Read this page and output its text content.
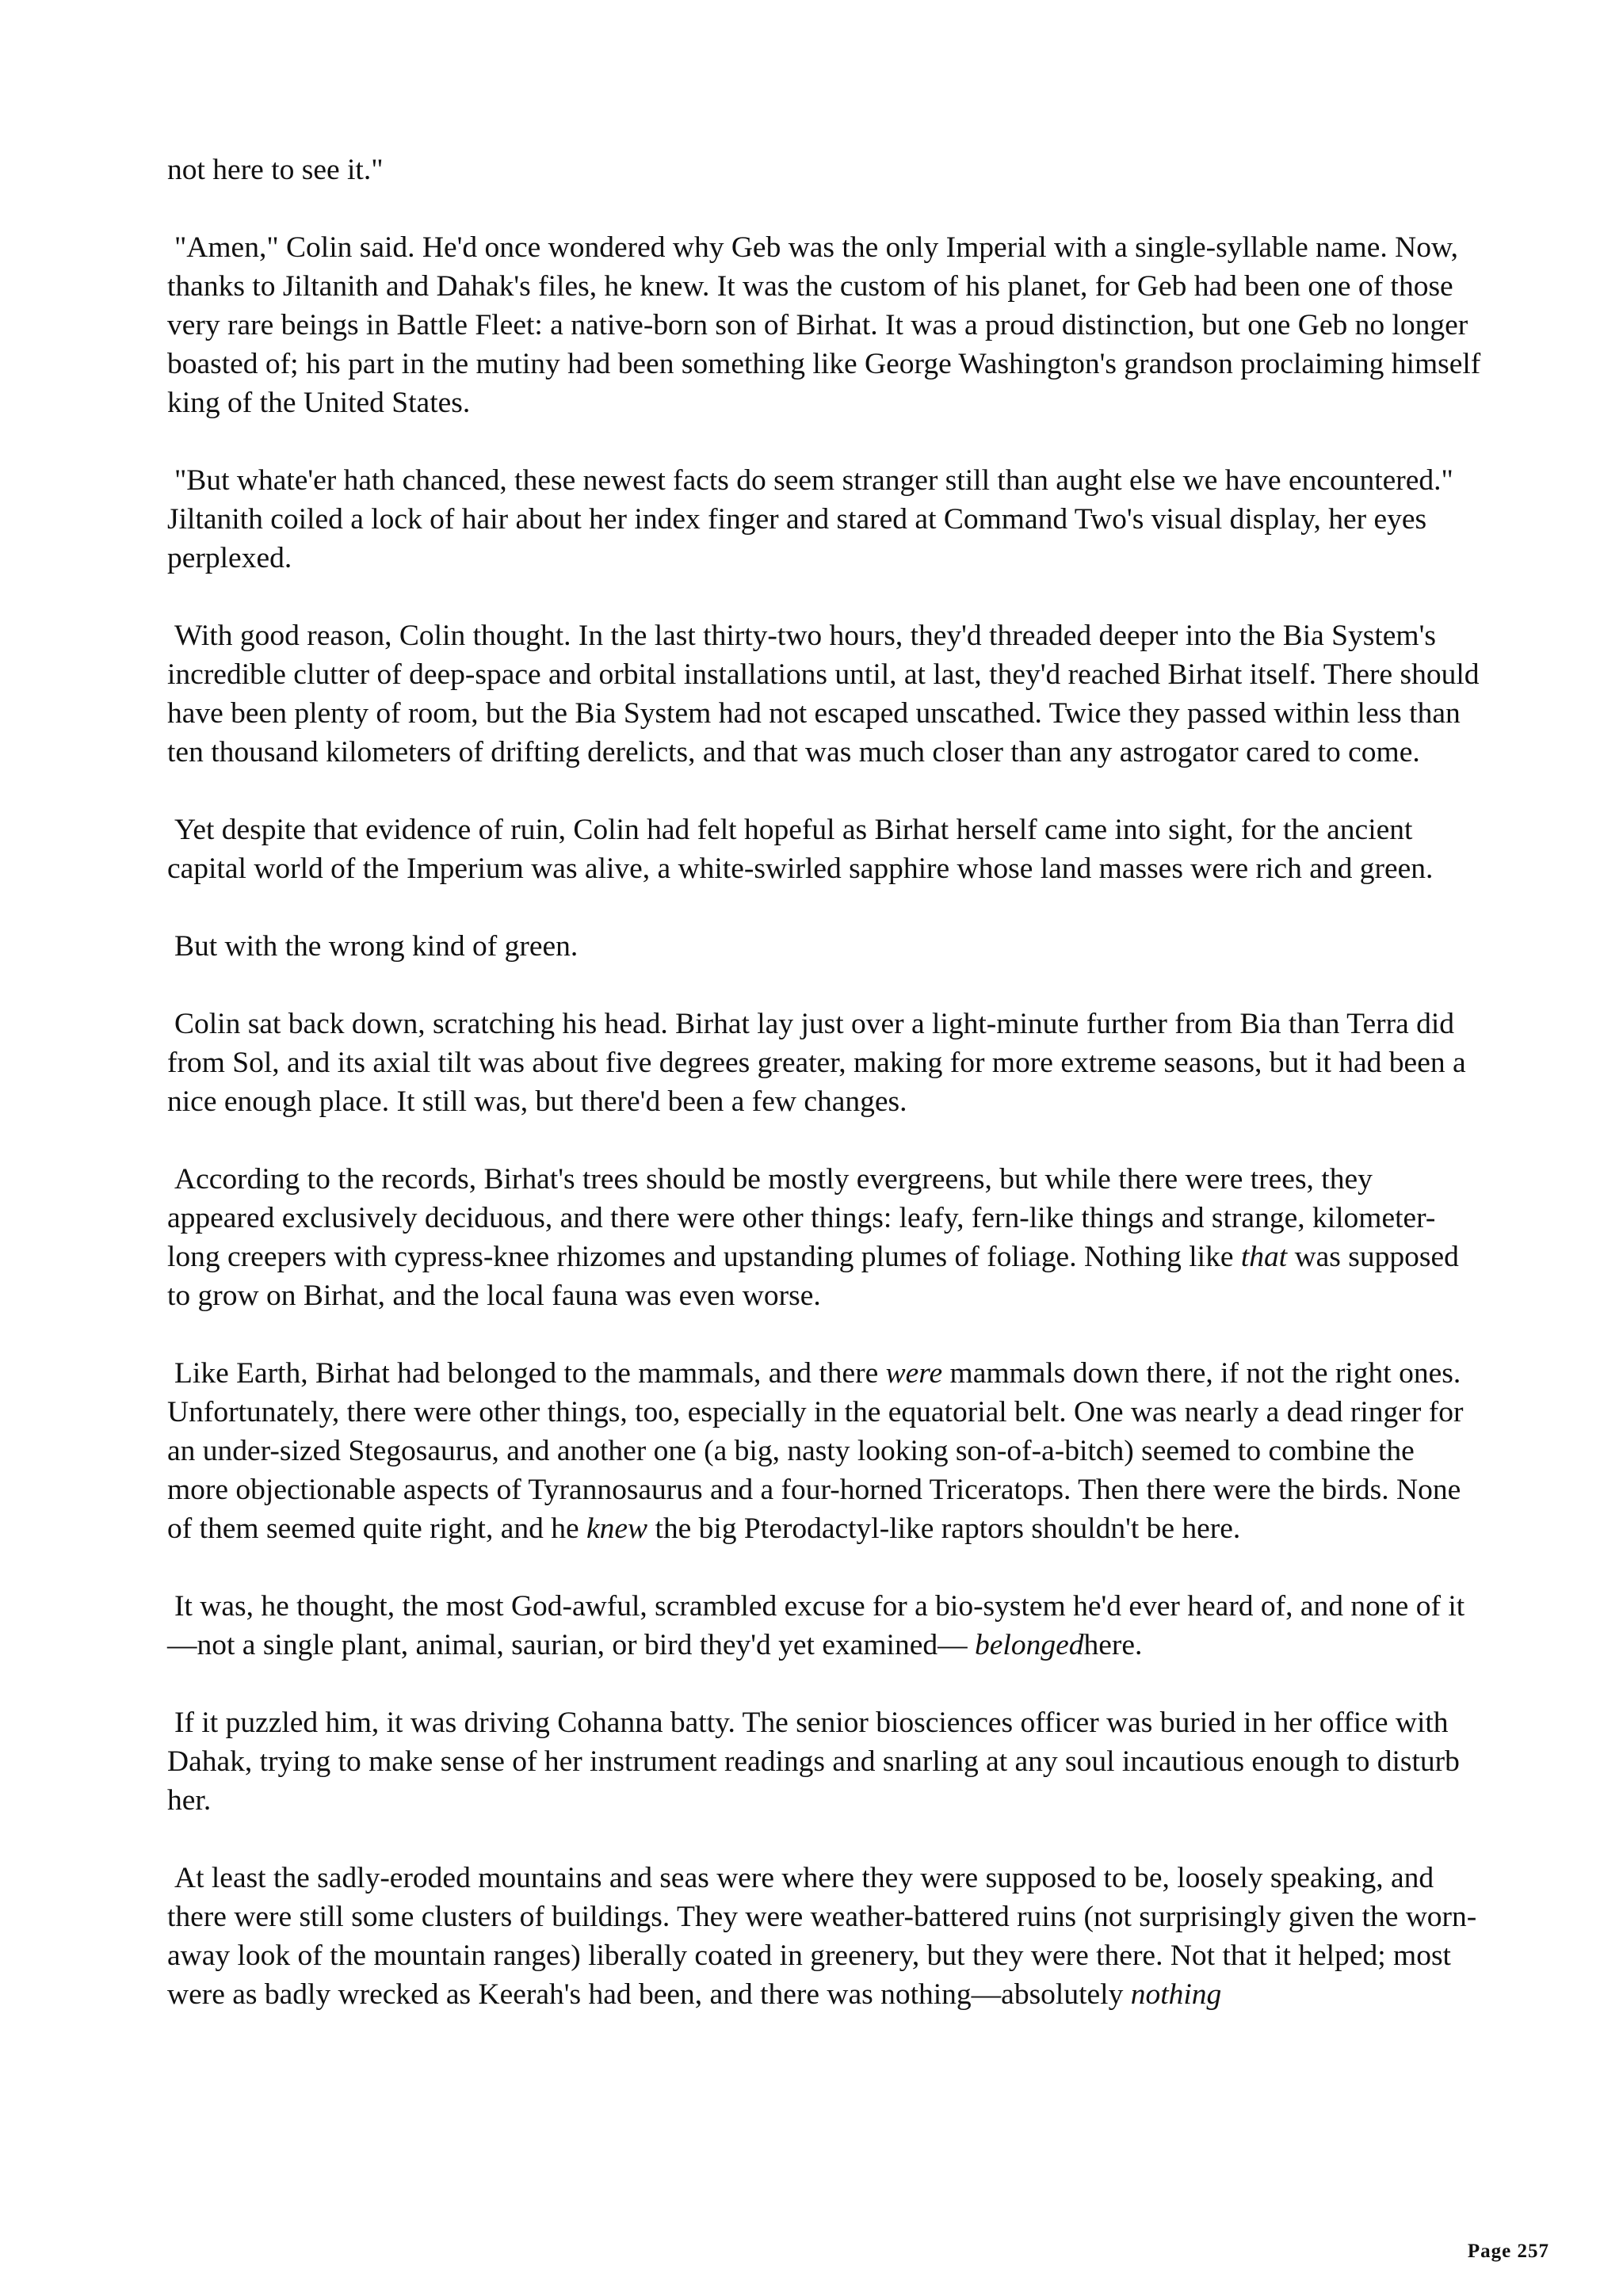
not here to see it."

"Amen," Colin said. He'd once wondered why Geb was the only Imperial with a single-syllable name. Now, thanks to Jiltanith and Dahak's files, he knew. It was the custom of his planet, for Geb had been one of those very rare beings in Battle Fleet: a native-born son of Birhat. It was a proud distinction, but one Geb no longer boasted of; his part in the mutiny had been something like George Washington's grandson proclaiming himself king of the United States.

"But whate'er hath chanced, these newest facts do seem stranger still than aught else we have encountered." Jiltanith coiled a lock of hair about her index finger and stared at Command Two's visual display, her eyes perplexed.

With good reason, Colin thought. In the last thirty-two hours, they'd threaded deeper into the Bia System's incredible clutter of deep-space and orbital installations until, at last, they'd reached Birhat itself. There should have been plenty of room, but the Bia System had not escaped unscathed. Twice they passed within less than ten thousand kilometers of drifting derelicts, and that was much closer than any astrogator cared to come.

Yet despite that evidence of ruin, Colin had felt hopeful as Birhat herself came into sight, for the ancient capital world of the Imperium was alive, a white-swirled sapphire whose land masses were rich and green.

But with the wrong kind of green.

Colin sat back down, scratching his head. Birhat lay just over a light-minute further from Bia than Terra did from Sol, and its axial tilt was about five degrees greater, making for more extreme seasons, but it had been a nice enough place. It still was, but there'd been a few changes.

According to the records, Birhat's trees should be mostly evergreens, but while there were trees, they appeared exclusively deciduous, and there were other things: leafy, fern-like things and strange, kilometer-long creepers with cypress-knee rhizomes and upstanding plumes of foliage. Nothing like that was supposed to grow on Birhat, and the local fauna was even worse.

Like Earth, Birhat had belonged to the mammals, and there were mammals down there, if not the right ones. Unfortunately, there were other things, too, especially in the equatorial belt. One was nearly a dead ringer for an under-sized Stegosaurus, and another one (a big, nasty looking son-of-a-bitch) seemed to combine the more objectionable aspects of Tyrannosaurus and a four-horned Triceratops. Then there were the birds. None of them seemed quite right, and he knew the big Pterodactyl-like raptors shouldn't be here.

It was, he thought, the most God-awful, scrambled excuse for a bio-system he'd ever heard of, and none of it—not a single plant, animal, saurian, or bird they'd yet examined— belongedhere.

If it puzzled him, it was driving Cohanna batty. The senior biosciences officer was buried in her office with Dahak, trying to make sense of her instrument readings and snarling at any soul incautious enough to disturb her.

At least the sadly-eroded mountains and seas were where they were supposed to be, loosely speaking, and there were still some clusters of buildings. They were weather-battered ruins (not surprisingly given the worn-away look of the mountain ranges) liberally coated in greenery, but they were there. Not that it helped; most were as badly wrecked as Keerah's had been, and there was nothing—absolutely nothing

Page 257
